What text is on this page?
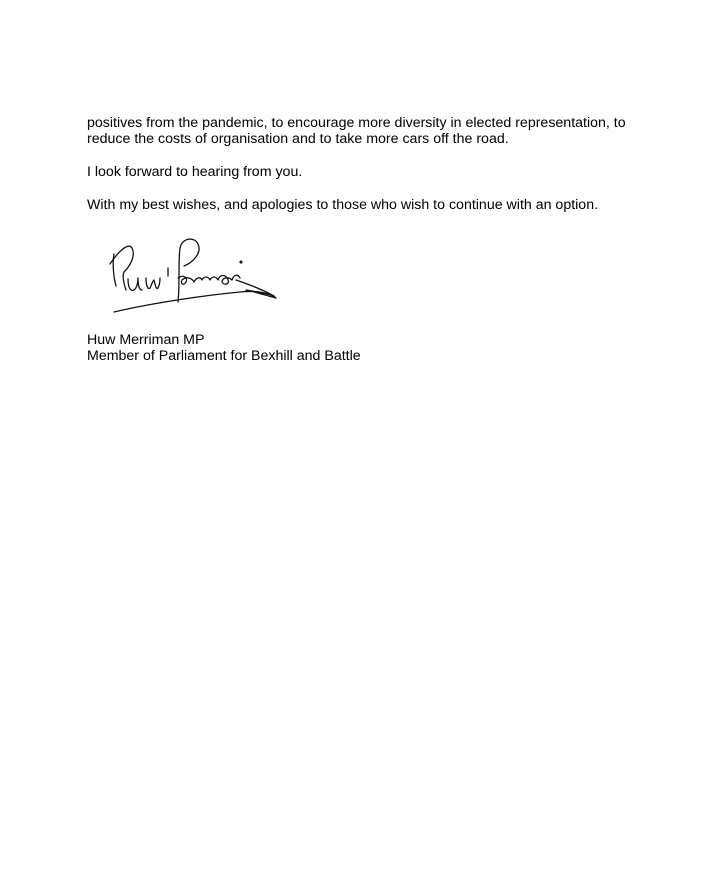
positives from the pandemic, to encourage more diversity in elected representation, to reduce the costs of organisation and to take more cars off the road.

I look forward to hearing from you.

With my best wishes, and apologies to those who wish to continue with an option.

Huw Merriman MP
Member of Parliament for Bexhill and Battle
